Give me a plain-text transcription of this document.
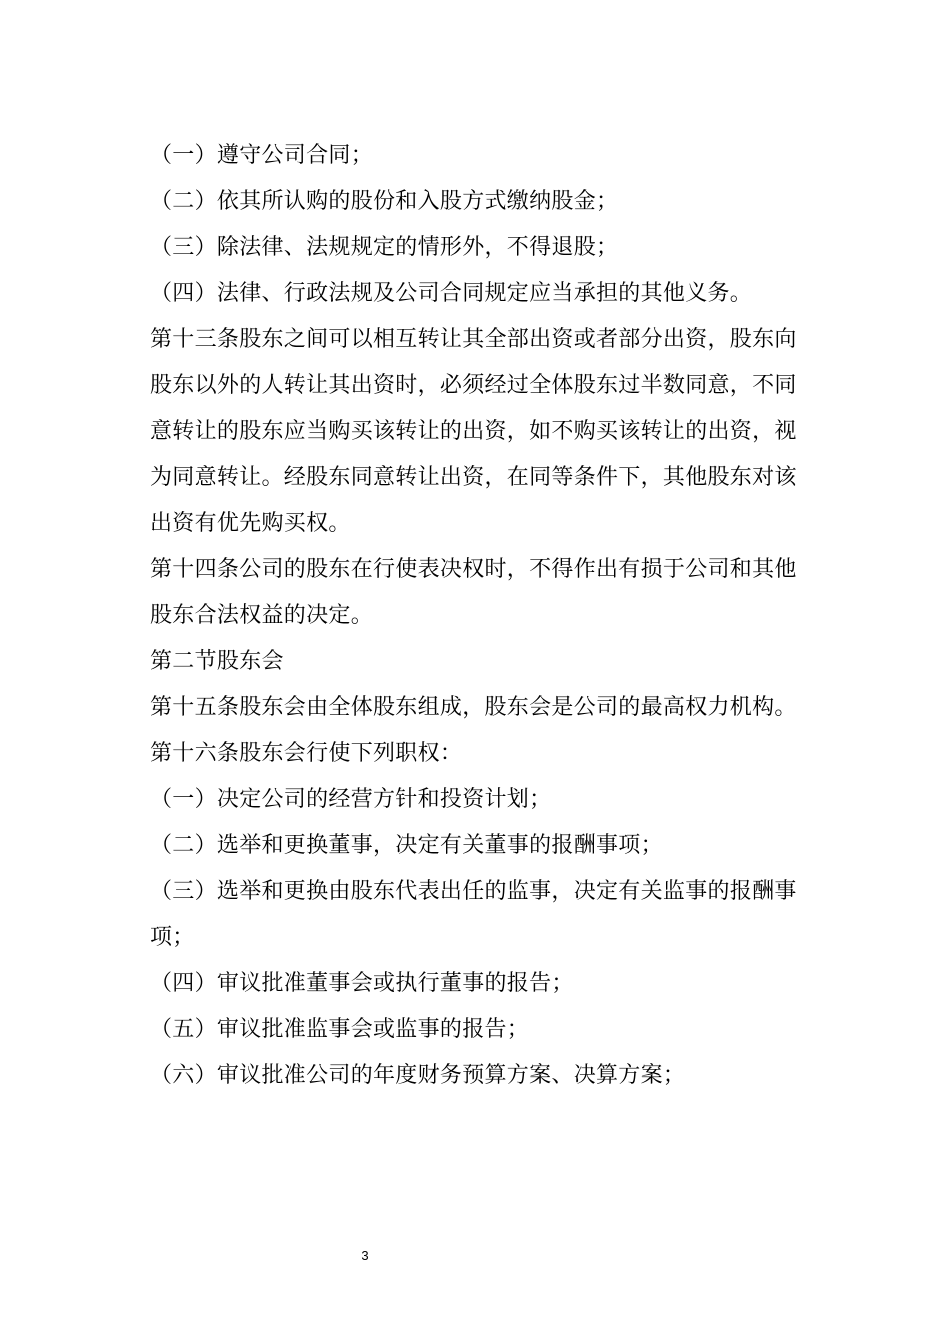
（一）遵守公司合同；
（二）依其所认购的股份和入股方式缴纳股金；
（三）除法律、法规规定的情形外，不得退股；
（四）法律、行政法规及公司合同规定应当承担的其他义务。
第十三条股东之间可以相互转让其全部出资或者部分出资，股东向
股东以外的人转让其出资时，必须经过全体股东过半数同意，不同
意转让的股东应当购买该转让的出资，如不购买该转让的出资，视
为同意转让。经股东同意转让出资，在同等条件下，其他股东对该
出资有优先购买权。
第十四条公司的股东在行使表决权时，不得作出有损于公司和其他
股东合法权益的决定。
第二节股东会
第十五条股东会由全体股东组成，股东会是公司的最高权力机构。
第十六条股东会行使下列职权：
（一）决定公司的经营方针和投资计划；
（二）选举和更换董事，决定有关董事的报酬事项；
（三）选举和更换由股东代表出任的监事，决定有关监事的报酬事
项；
（四）审议批准董事会或执行董事的报告；
（五）审议批准监事会或监事的报告；
（六）审议批准公司的年度财务预算方案、决算方案；
3
